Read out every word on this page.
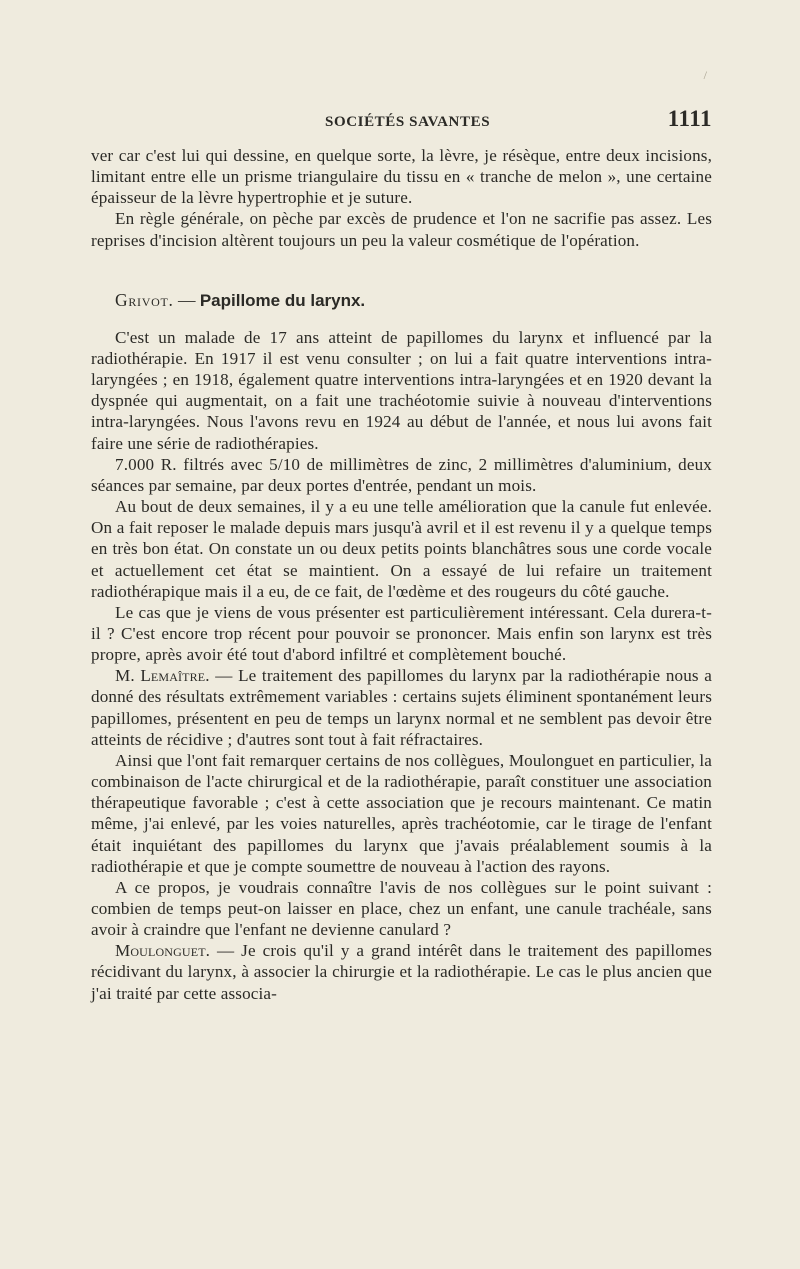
/
SOCIÉTÉS SAVANTES	1111

ver car c'est lui qui dessine, en quelque sorte, la lèvre, je résèque, entre deux incisions, limitant entre elle un prisme triangulaire du tissu en « tranche de melon », une certaine épaisseur de la lèvre hypertrophie et je suture.

En règle générale, on pèche par excès de prudence et l'on ne sacrifie pas assez. Les reprises d'incision altèrent toujours un peu la valeur cosmétique de l'opération.

Grivot. — Papillome du larynx.

C'est un malade de 17 ans atteint de papillomes du larynx et influencé par la radiothérapie. En 1917 il est venu consulter ; on lui a fait quatre interventions intra-laryngées ; en 1918, également quatre interventions intra-laryngées et en 1920 devant la dyspnée qui augmentait, on a fait une trachéotomie suivie à nouveau d'interventions intra-laryngées. Nous l'avons revu en 1924 au début de l'année, et nous lui avons fait faire une série de radiothérapies.

7.000 R. filtrés avec 5/10 de millimètres de zinc, 2 millimètres d'aluminium, deux séances par semaine, par deux portes d'entrée, pendant un mois.

Au bout de deux semaines, il y a eu une telle amélioration que la canule fut enlevée. On a fait reposer le malade depuis mars jusqu'à avril et il est revenu il y a quelque temps en très bon état. On constate un ou deux petits points blanchâtres sous une corde vocale et actuellement cet état se maintient. On a essayé de lui refaire un traitement radiothérapique mais il a eu, de ce fait, de l'œdème et des rougeurs du côté gauche.

Le cas que je viens de vous présenter est particulièrement intéressant. Cela durera-t-il ? C'est encore trop récent pour pouvoir se prononcer. Mais enfin son larynx est très propre, après avoir été tout d'abord infiltré et complètement bouché.

M. Lemaître. — Le traitement des papillomes du larynx par la radiothérapie nous a donné des résultats extrêmement variables : certains sujets éliminent spontanément leurs papillomes, présentent en peu de temps un larynx normal et ne semblent pas devoir être atteints de récidive ; d'autres sont tout à fait réfractaires.

Ainsi que l'ont fait remarquer certains de nos collègues, Moulonguet en particulier, la combinaison de l'acte chirurgical et de la radiothérapie, paraît constituer une association thérapeutique favorable ; c'est à cette association que je recours maintenant. Ce matin même, j'ai enlevé, par les voies naturelles, après trachéotomie, car le tirage de l'enfant était inquiétant des papillomes du larynx que j'avais préalablement soumis à la radiothérapie et que je compte soumettre de nouveau à l'action des rayons.

A ce propos, je voudrais connaître l'avis de nos collègues sur le point suivant : combien de temps peut-on laisser en place, chez un enfant, une canule trachéale, sans avoir à craindre que l'enfant ne devienne canulard ?

Moulonguet. — Je crois qu'il y a grand intérêt dans le traitement des papillomes récidivant du larynx, à associer la chirurgie et la radiothérapie. Le cas le plus ancien que j'ai traité par cette associa-
